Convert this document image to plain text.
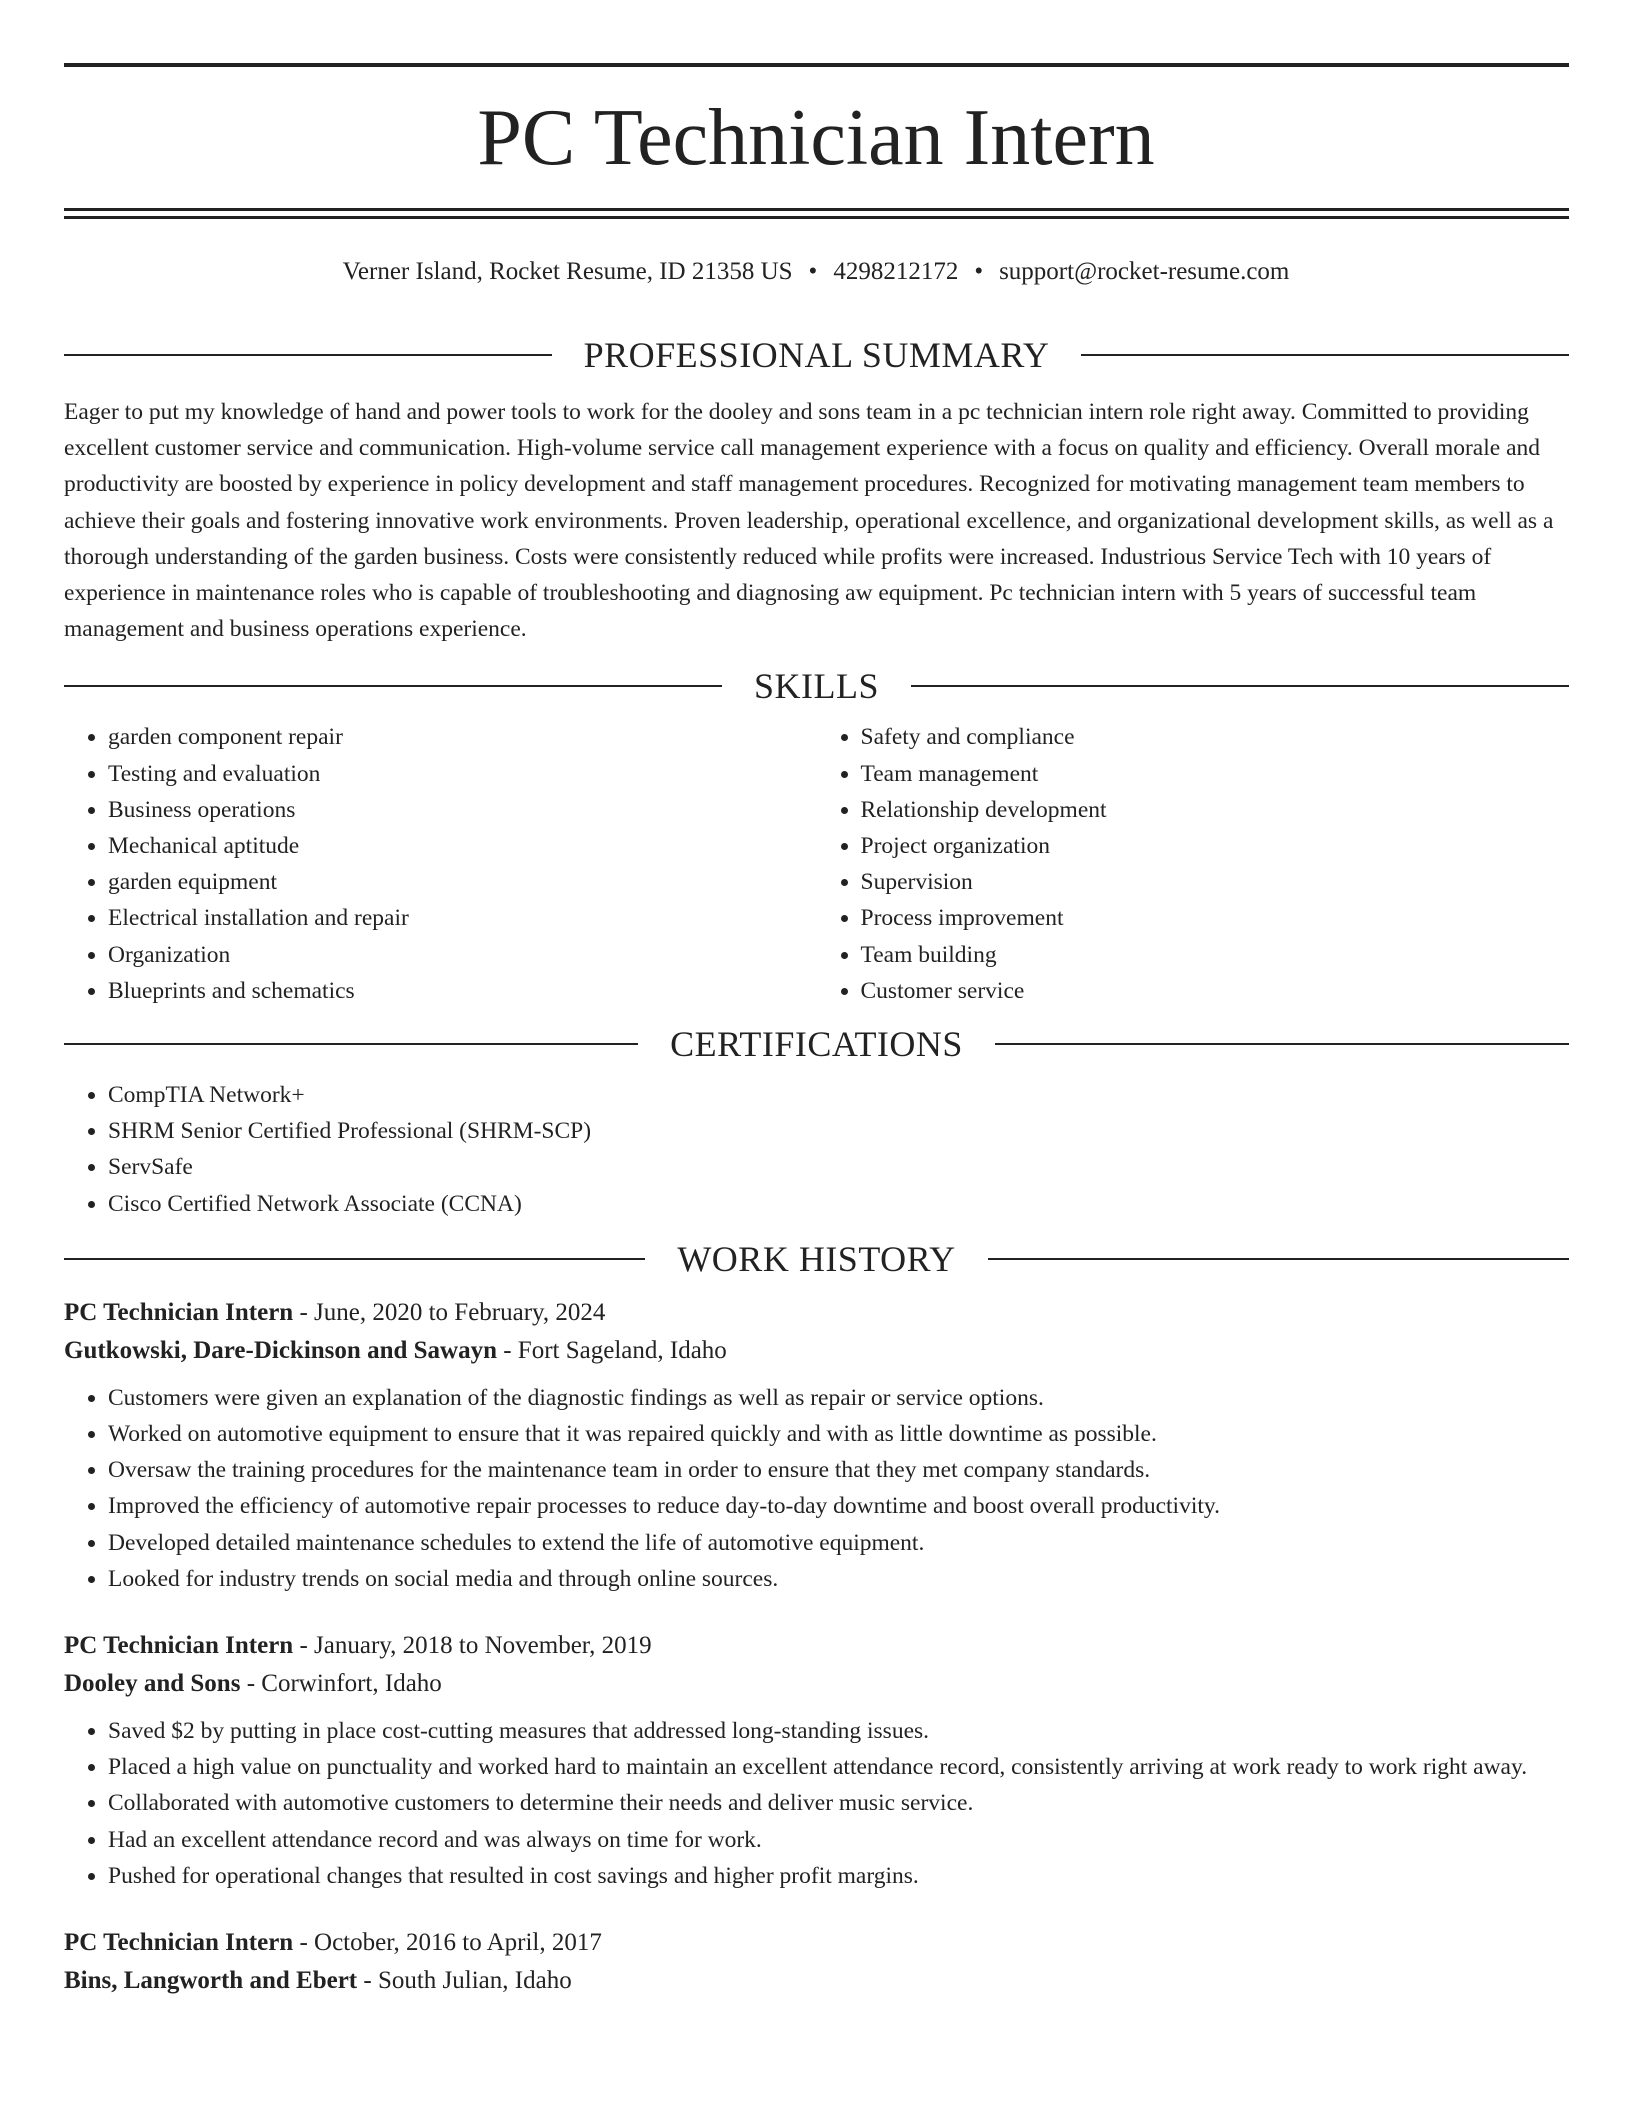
PC Technician Intern
Verner Island, Rocket Resume, ID 21358 US • 4298212172 • support@rocket-resume.com
PROFESSIONAL SUMMARY

Eager to put my knowledge of hand and power tools to work for the dooley and sons team in a pc technician intern role right away. Committed to providing excellent customer service and communication. High-volume service call management experience with a focus on quality and efficiency. Overall morale and productivity are boosted by experience in policy development and staff management procedures. Recognized for motivating management team members to achieve their goals and fostering innovative work environments. Proven leadership, operational excellence, and organizational development skills, as well as a thorough understanding of the garden business. Costs were consistently reduced while profits were increased. Industrious Service Tech with 10 years of experience in maintenance roles who is capable of troubleshooting and diagnosing aw equipment. Pc technician intern with 5 years of successful team management and business operations experience.

SKILLS
• garden component repair
• Testing and evaluation
• Business operations
• Mechanical aptitude
• garden equipment
• Electrical installation and repair
• Organization
• Blueprints and schematics
• Safety and compliance
• Team management
• Relationship development
• Project organization
• Supervision
• Process improvement
• Team building
• Customer service
CERTIFICATIONS
• CompTIA Network+
• SHRM Senior Certified Professional (SHRM-SCP)
• ServSafe
• Cisco Certified Network Associate (CCNA)
WORK HISTORY
PC Technician Intern - June, 2020 to February, 2024
Gutkowski, Dare-Dickinson and Sawayn - Fort Sageland, Idaho
• Customers were given an explanation of the diagnostic findings as well as repair or service options.
• Worked on automotive equipment to ensure that it was repaired quickly and with as little downtime as possible.
• Oversaw the training procedures for the maintenance team in order to ensure that they met company standards.
• Improved the efficiency of automotive repair processes to reduce day-to-day downtime and boost overall productivity.
• Developed detailed maintenance schedules to extend the life of automotive equipment.
• Looked for industry trends on social media and through online sources.
PC Technician Intern - January, 2018 to November, 2019
Dooley and Sons - Corwinfort, Idaho
• Saved $2 by putting in place cost-cutting measures that addressed long-standing issues.
• Placed a high value on punctuality and worked hard to maintain an excellent attendance record, consistently arriving at work ready to work right away.
• Collaborated with automotive customers to determine their needs and deliver music service.
• Had an excellent attendance record and was always on time for work.
• Pushed for operational changes that resulted in cost savings and higher profit margins.
PC Technician Intern - October, 2016 to April, 2017
Bins, Langworth and Ebert - South Julian, Idaho
